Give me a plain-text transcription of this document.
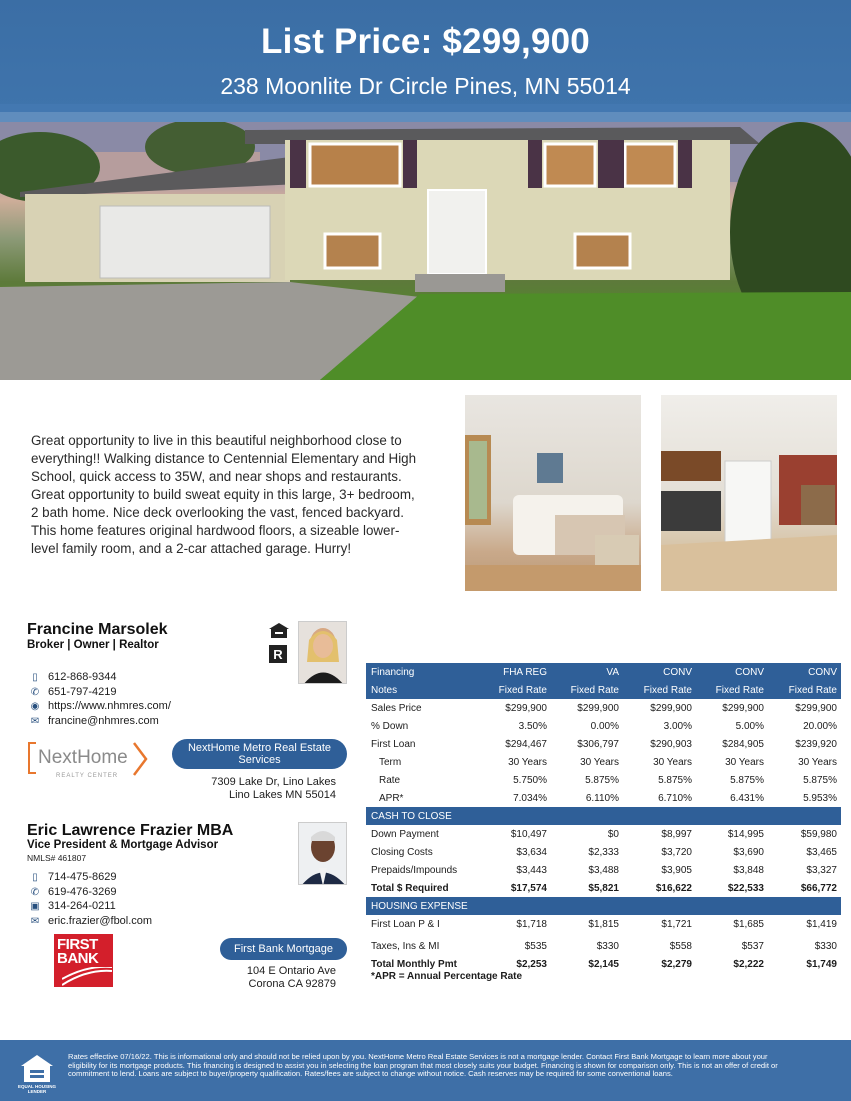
List Price: $299,900
238 Moonlite Dr Circle Pines, MN 55014
Great opportunity to live in this beautiful neighborhood close to everything!! Walking distance to Centennial Elementary and High School, quick access to 35W, and near shops and restaurants. Great opportunity to build sweat equity in this large, 3+ bedroom, 2 bath home. Nice deck overlooking the vast, fenced backyard. This home features original hardwood floors, a sizeable lower-level family room, and a 2-car attached garage. Hurry!
Francine Marsolek
Broker | Owner | Realtor
R
▯ 612-868-9344
✆ 651-797-4219
◉ https://www.nhmres.com/
✉ francine@nhmres.com
NextHome
REALTY CENTER
NextHome Metro Real Estate Services
7309 Lake Dr, Lino Lakes
Lino Lakes MN 55014
Eric Lawrence Frazier MBA
Vice President & Mortgage Advisor
NMLS# 461807
▯ 714-475-8629
✆ 619-476-3269
▣ 314-264-0211
✉ eric.frazier@fbol.com
FIRST
BANK
First Bank Mortgage
104 E Ontario Ave
Corona CA 92879
Financing	FHA REG	VA	CONV	CONV	CONV
Notes	Fixed Rate	Fixed Rate	Fixed Rate	Fixed Rate	Fixed Rate
Sales Price	$299,900	$299,900	$299,900	$299,900	$299,900
% Down	3.50%	0.00%	3.00%	5.00%	20.00%
First Loan	$294,467	$306,797	$290,903	$284,905	$239,920
Term	30 Years	30 Years	30 Years	30 Years	30 Years
Rate	5.750%	5.875%	5.875%	5.875%	5.875%
APR*	7.034%	6.110%	6.710%	6.431%	5.953%
CASH TO CLOSE					
Down Payment	$10,497	$0	$8,997	$14,995	$59,980
Closing Costs	$3,634	$2,333	$3,720	$3,690	$3,465
Prepaids/Impounds	$3,443	$3,488	$3,905	$3,848	$3,327
Total $ Required	$17,574	$5,821	$16,622	$22,533	$66,772
HOUSING EXPENSE					
First Loan P & I	$1,718	$1,815	$1,721	$1,685	$1,419

Taxes, Ins & MI	$535	$330	$558	$537	$330
Total Monthly Pmt	$2,253	$2,145	$2,279	$2,222	$1,749
*APR = Annual Percentage Rate
EQUAL HOUSING LENDER
Rates effective 07/16/22. This is informational only and should not be relied upon by you. NextHome Metro Real Estate Services is not a mortgage lender. Contact First Bank Mortgage to learn more about your eligibility for its mortgage products. This financing is designed to assist you in selecting the loan program that most closely suits your budget. Financing is shown for comparison only. This is not an offer of credit or commitment to lend. Loans are subject to buyer/property qualification. Rates/fees are subject to change without notice. Cash reserves may be required for some conventional loans.
